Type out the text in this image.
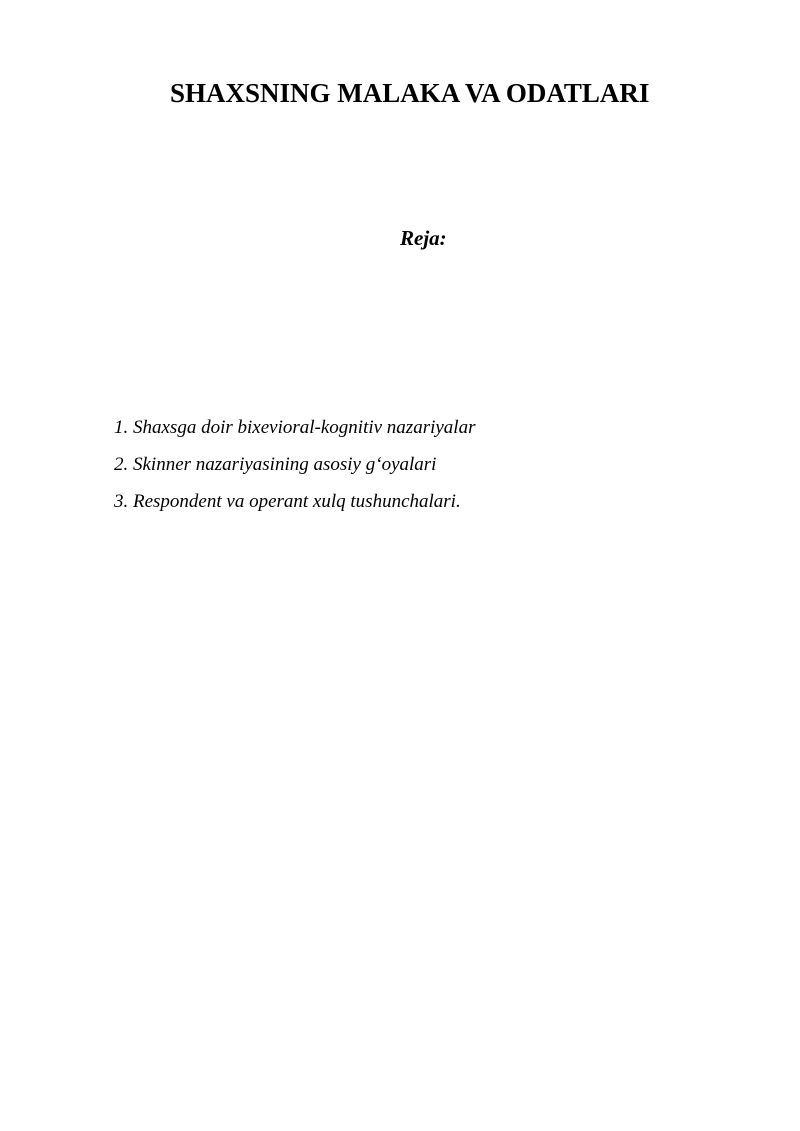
SHAXSNING MALAKA VA ODATLARI
Reja:
1. Shaxsga doir bixevioral-kognitiv nazariyalar
2. Skinner nazariyasining asosiy g‘oyalari
3. Respondent va operant xulq tushunchalari.
